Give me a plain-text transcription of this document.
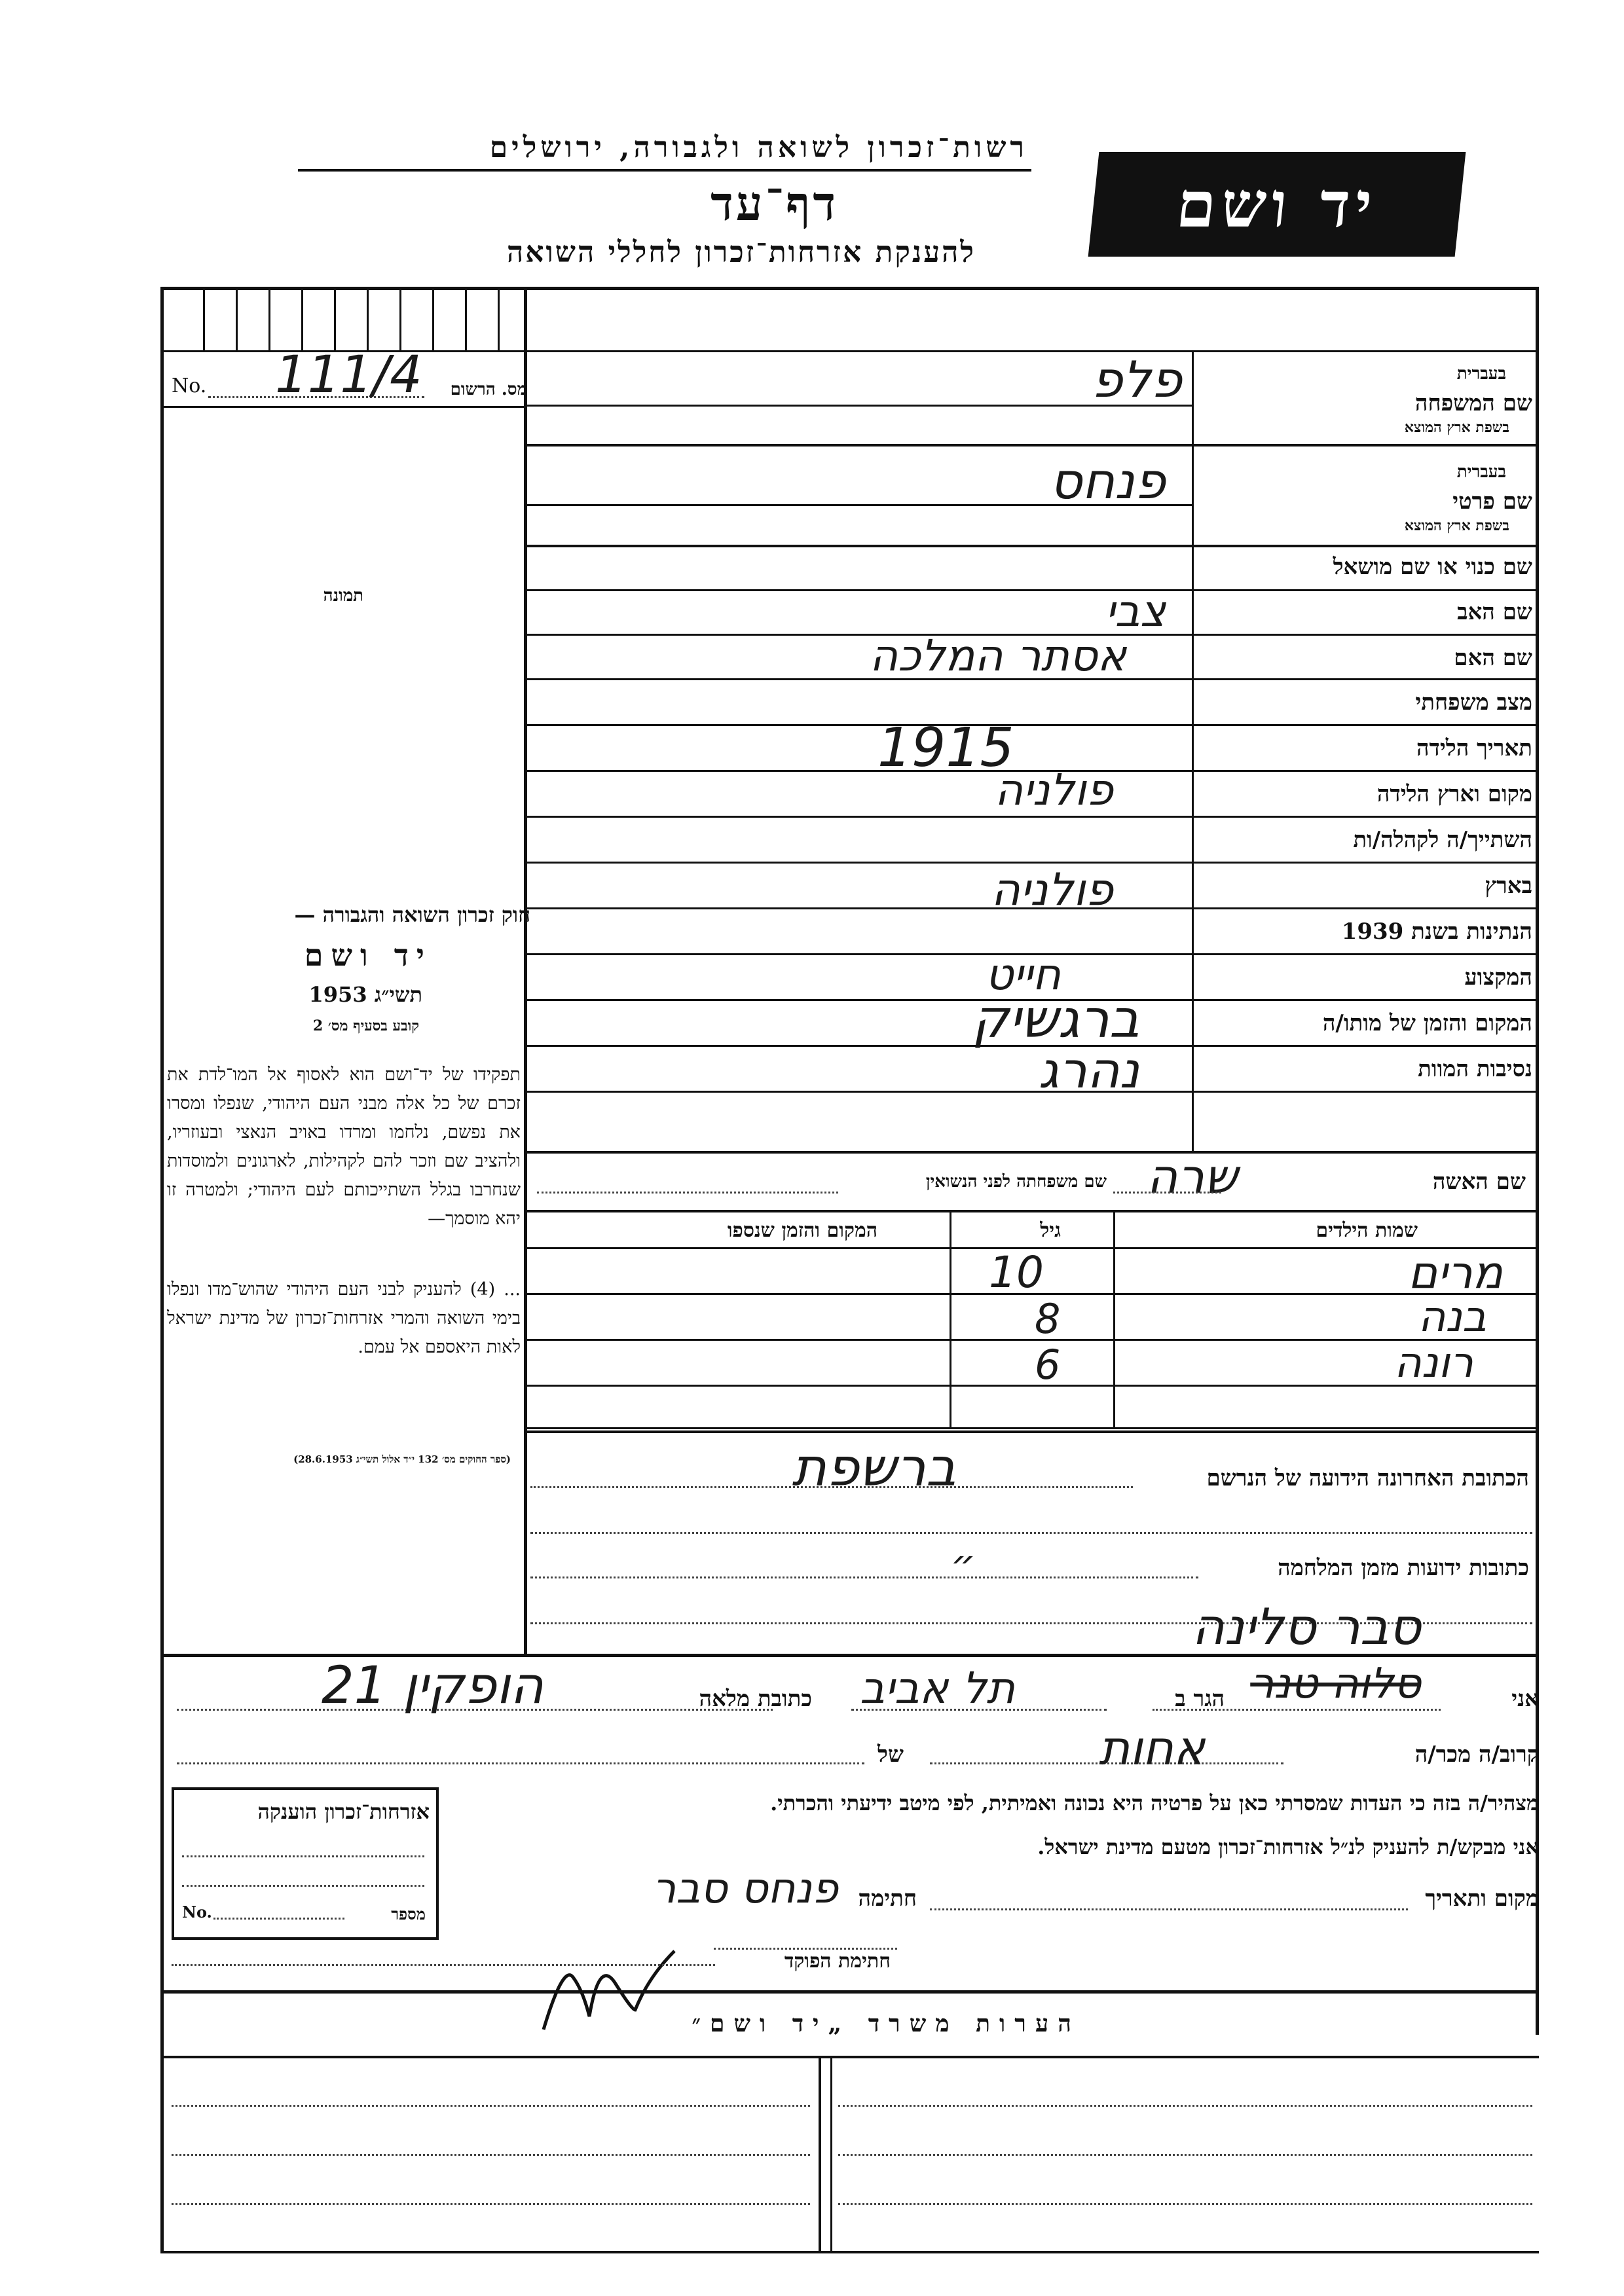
רשות־זכרון לשואה ולגבורה, ירושלים
דף־עד
להענקת אזרחות־זכרון לחללי השואה
יד ושם
No. 111/4 מס. הרשום
תמונה
בעברית
שם המשפחה
בשפת ארץ המוצא
פלפ
בעברית
שם פרטי
בשפת ארץ המוצא
פנחס
שם כנוי או שם מושאל
שם האב
צבי
שם האם
אסתר המלכה
מצב משפחתי
תאריך הלידה
1915
מקום וארץ הלידה
פולניה
השתייך/ה לקהלה/ות
בארץ
פולניה
הנתינות בשנת 1939
המקצוע
חייט
המקום והזמן של מותו/ה
ברגשיק
נסיבות המוות
נהרג
חוק זכרון השואה והגבורה —
יד ושם
תשי״ג 1953
קובע בסעיף מס׳ 2
תפקידו של יד־ושם הוא לאסוף אל המו־לדת את זכרם של כל אלה מבני העם היהודי, שנפלו ומסרו את נפשם, נלחמו ומרדו באויב הנאצי ובעוזריו, ולהציב שם וזכר להם לקהילות, לארגונים ולמוסדות שנחרבו בגלל השתייכותם לעם היהודי; ולמטרה זו יהא מוסמך—
... (4) להעניק לבני העם היהודי שהוש־מדו ונפלו בימי השואה והמרי אזרחות־זכרון של מדינת ישראל לאות היאספם אל עמם.
(ספר החוקים מס׳ 132 י״ד אלול תשי״ג 28.6.1953)
שם האשה
שרה
שם משפחתה לפני הנשואין
שמות הילדים
גיל
המקום והזמן שנספו
מרים
10
בנה
8
רונה
6
הכתובת האחרונה הידועה של הנרשם
ברשפת
כתובות ידועות מזמן המלחמה
״
סבר סלינה
סלוה טנר	אני
הגר ב
תל אביב
כתובת מלאה
הופקין 21
קרוב/ה מכר/ה
אחות
של
מצהיר/ה בזה כי העדות שמסרתי כאן על פרטיה היא נכונה ואמיתית, לפי מיטב ידיעתי והכרתי.
אני מבקש/ת להעניק לנ״ל אזרחות־זכרון מטעם מדינת ישראל.
מקום ותאריך
חתימה
פנחס סבר
חתימת הפוקד
אזרחות־זכרון הוענקה
No.	מספר
הערות משרד „יד ושם״
